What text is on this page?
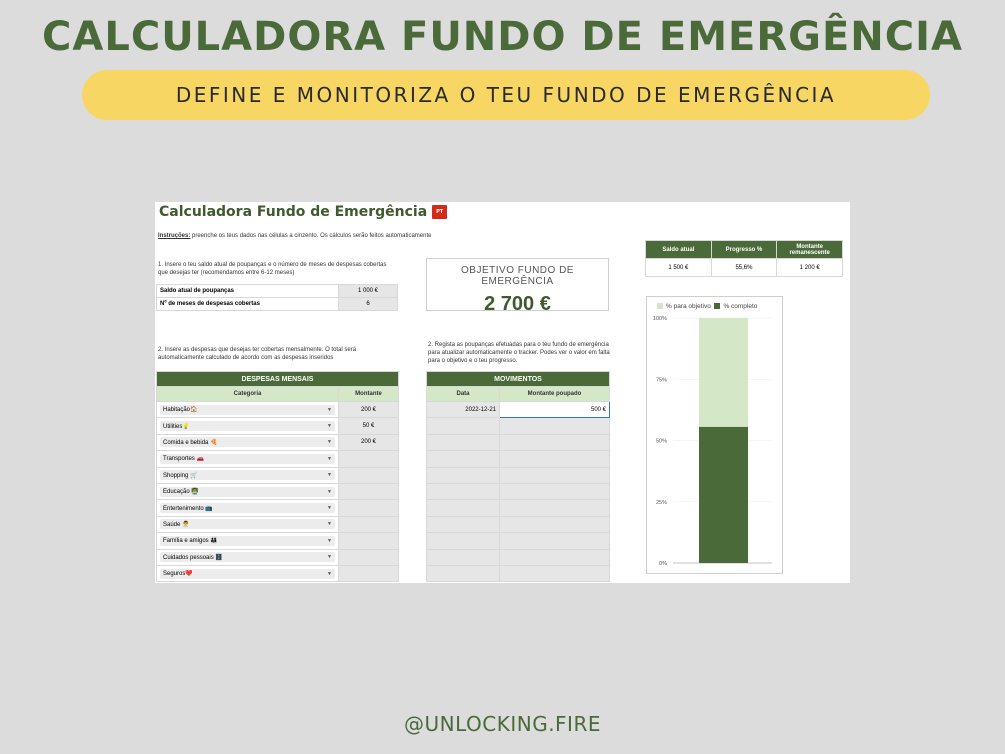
CALCULADORA FUNDO DE EMERGÊNCIA
DEFINE E MONITORIZA O TEU FUNDO DE EMERGÊNCIA
Calculadora Fundo de Emergência PT
Instruções: preenche os teus dados nas células a cinzento. Os cálculos serão feitos automaticamente
1. Insere o teu saldo atual de poupanças e o número de meses de despesas cobertas que desejas ter (recomendamos entre 6-12 meses)
Saldo atual de poupanças	1 000 €
Nº de meses de despesas cobertas	6
OBJETIVO FUNDO DE EMERGÊNCIA
2 700 €
2. Insere as despesas que desejas ter cobertas mensalmente. O total será automaticamente calculado de acordo com as despesas inseridos
2. Regista as poupanças efetuadas para o teu fundo de emergência para atualizar automaticamente o tracker. Podes ver o valor em falta para o objetivo e o teu progresso.
DESPESAS MENSAIS	
Categoria	Montante

Habitação🏠 ▼	200 €

Utilities💡 ▼	50 €

Comida e bebida 🍕 ▼	200 €

Transportes 🚗 ▼	

Shopping 🛒 ▼	

Educação 👨‍🏫 ▼	

Entertenimento 📺 ▼	

Saúde 👨‍⚕️ ▼	

Família e amigos 👨‍👩‍👧 ▼	

Cuidados pessoais 🗄️ ▼	

Seguros❤️ ▼	

MOVIMENTOS	
Data	Montante poupado
2022-12-21	500 €

Saldo atual	Progresso %	Montante remanescente
1 500 €	55,6%	1 200 €
% para objetivo % completo
0%
25%
50%
75%
100%
@UNLOCKING.FIRE
